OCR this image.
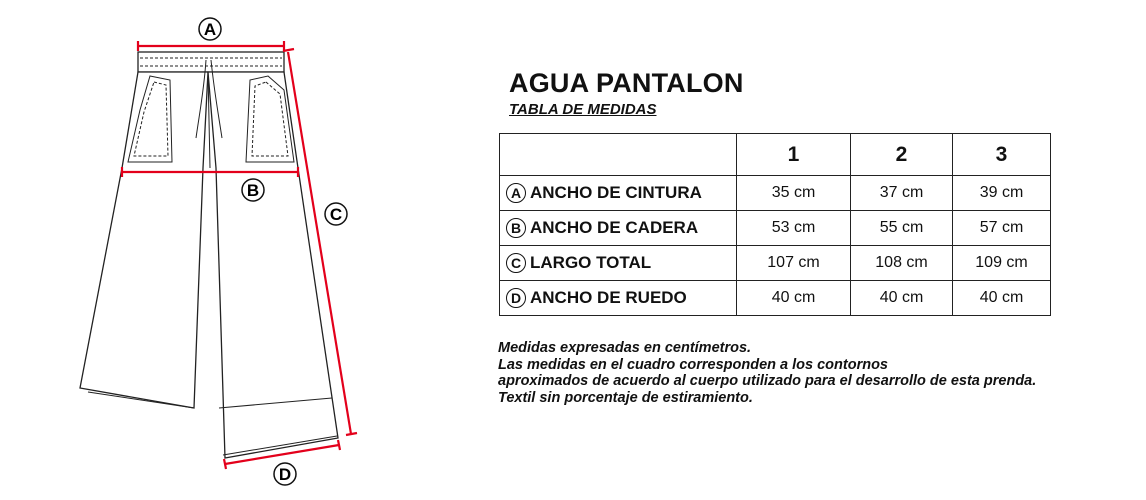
A
B
C
D
AGUA PANTALON
TABLA DE MEDIDAS
	1	2	3
A ANCHO DE CINTURA	35 cm	37 cm	39 cm
B ANCHO DE CADERA	53 cm	55 cm	57 cm
C LARGO TOTAL	107 cm	108 cm	109 cm
D ANCHO DE RUEDO	40 cm	40 cm	40 cm
Medidas expresadas en centímetros.
Las medidas en el cuadro corresponden a los contornos
aproximados de acuerdo al cuerpo utilizado para el desarrollo de esta prenda.
Textil sin porcentaje de estiramiento.
